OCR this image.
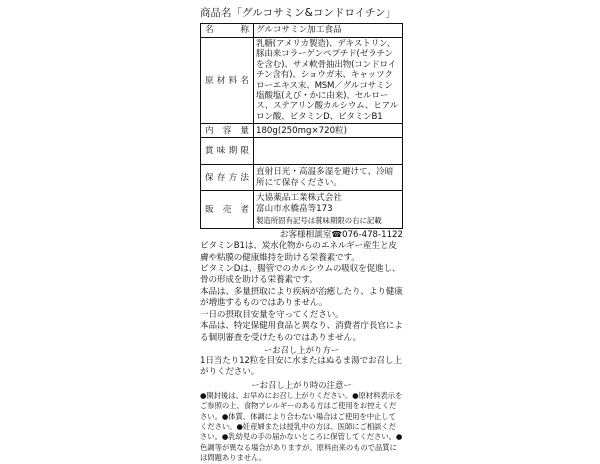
商品名「グルコサミン&コンドロイチン」
名 称	グルコサミン加工食品
原材料名	乳糖(アメリカ製造)、デキストリン、豚由来コラーゲンペプチド(ゼラチンを含む)、サメ軟骨抽出物(コンドロイチン含有)、ショウガ末、キャッツクローエキス末、MSM／グルコサミン塩酸塩(えび・かに由来)、セルロース、ステアリン酸カルシウム、ヒアルロン酸、ビタミンD、ビタミンB1
内 容 量	180g(250mg×720粒)
賞味期限	
保存方法	直射日光・高温多湿を避けて、冷暗所にて保存ください。
販 売 者	大協薬品工業株式会社
富山市水橋畠等173
製造所固有記号は賞味期限の右に記載
お客様相談室☎076-478-1122

ビタミンB1は、炭水化物からのエネルギー産生と皮膚や粘膜の健康維持を助ける栄養素です。

ビタミンDは、腸管でのカルシウムの吸収を促進し、骨の形成を助ける栄養素です。

本品は、多量摂取により疾病が治癒したり、より健康が増進するものではありません。

一日の摂取目安量を守ってください。

本品は、特定保健用食品と異なり、消費者庁長官による個別審査を受けたものではありません。

ーお召し上がり方ー

1日当たり12粒を目安に水またはぬるま湯でお召し上がりください。

ーお召し上がり時の注意ー

●開封後は、お早めにお召し上がりください。●原材料表示をご参照の上、食物アレルギーのある方はご使用をお控えください。●体質、体調により合わない場合はご使用を中止してください。●妊産婦または授乳中の方は、医師にご相談ください。●乳幼児の手の届かないところに保管してください。●色調等が異なる場合がありますが、原料由来のもので品質には問題ありません。
